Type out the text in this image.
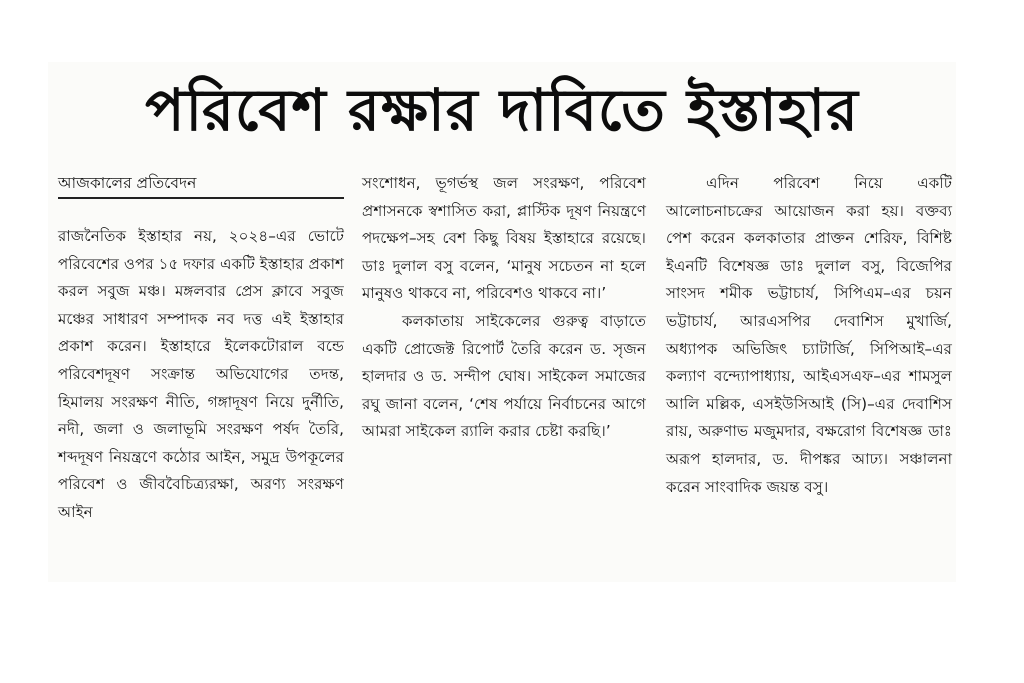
পরিবেশ রক্ষার দাবিতে ইস্তাহার

আজকালের প্রতিবেদন

রাজনৈতিক ইস্তাহার নয়, ২০২৪–এর ভোটে পরিবেশের ওপর ১৫ দফার একটি ইস্তাহার প্রকাশ করল সবুজ মঞ্চ। মঙ্গলবার প্রেস ক্লাবে সবুজ মঞ্চের সাধারণ সম্পাদক নব দত্ত এই ইস্তাহার প্রকাশ করেন। ইস্তাহারে ইলেকটোরাল বন্ডে পরিবেশদূষণ সংক্রান্ত অভিযোগের তদন্ত, হিমালয় সংরক্ষণ নীতি, গঙ্গাদূষণ নিয়ে দুর্নীতি, নদী, জলা ও জলাভূমি সংরক্ষণ পর্ষদ তৈরি, শব্দদূষণ নিয়ন্ত্রণে কঠোর আইন, সমুদ্র উপকূলের পরিবেশ ও জীববৈচিত্র্যরক্ষা, অরণ্য সংরক্ষণ আইন

সংশোধন, ভূগর্ভস্থ জল সংরক্ষণ, পরিবেশ প্রশাসনকে স্বশাসিত করা, প্লাস্টিক দূষণ নিয়ন্ত্রণে পদক্ষেপ–সহ বেশ কিছু বিষয় ইস্তাহারে রয়েছে। ডাঃ দুলাল বসু বলেন, ‘মানুষ সচেতন না হলে মানুষও থাকবে না, পরিবেশও থাকবে না।’

কলকাতায় সাইকেলের গুরুত্ব বাড়াতে একটি প্রোজেক্ট রিপোর্ট তৈরি করেন ড. সৃজন হালদার ও ড. সন্দীপ ঘোষ। সাইকেল সমাজের রঘু জানা বলেন, ‘শেষ পর্যায়ে নির্বাচনের আগে আমরা সাইকেল র‌্যালি করার চেষ্টা করছি।’

এদিন পরিবেশ নিয়ে একটি আলোচনাচক্রের আয়োজন করা হয়। বক্তব্য পেশ করেন কলকাতার প্রাক্তন শেরিফ, বিশিষ্ট ইএনটি বিশেষজ্ঞ ডাঃ দুলাল বসু, বিজেপির সাংসদ শমীক ভট্টাচার্য, সিপিএম–এর চয়ন ভট্টাচার্য, আরএসপির দেবাশিস মুখার্জি, অধ্যাপক অভিজিৎ চ্যাটার্জি, সিপিআই–এর কল্যাণ বন্দ্যোপাধ্যায়, আইএসএফ–এর শামসুল আলি মল্লিক, এসইউসিআই (সি)–এর দেবাশিস রায়, অরুণাভ মজুমদার, বক্ষরোগ বিশেষজ্ঞ ডাঃ অরূপ হালদার, ড. দীপঙ্কর আঢ্য। সঞ্চালনা করেন সাংবাদিক জয়ন্ত বসু।
